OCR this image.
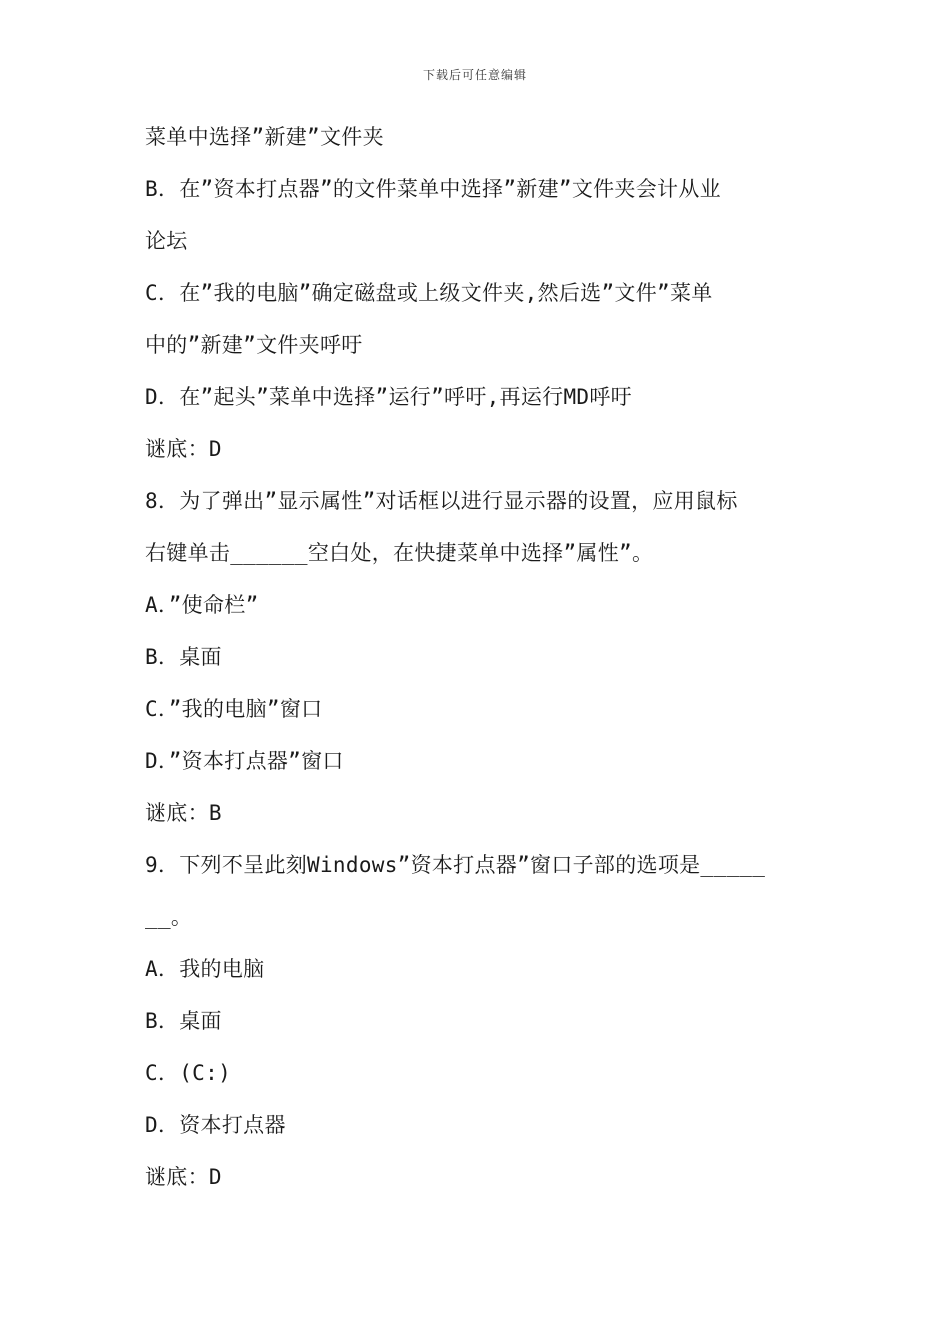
下载后可任意编辑
菜单中选择”新建”文件夹
B．在”资本打点器”的文件菜单中选择”新建”文件夹会计从业
论坛
C．在”我的电脑”确定磁盘或上级文件夹,然后选”文件”菜单
中的”新建”文件夹呼吁
D．在”起头”菜单中选择”运行”呼吁,再运行MD呼吁
谜底：D
8．为了弹出”显示属性”对话框以进行显示器的设置，应用鼠标
右键单击______空白处，在快捷菜单中选择”属性”。
A．”使命栏”
B．桌面
C．”我的电脑”窗口
D．”资本打点器”窗口
谜底：B
9．下列不呈此刻Windows”资本打点器”窗口子部的选项是_____
__。
A．我的电脑
B．桌面
C．(C:)
D．资本打点器
谜底：D
